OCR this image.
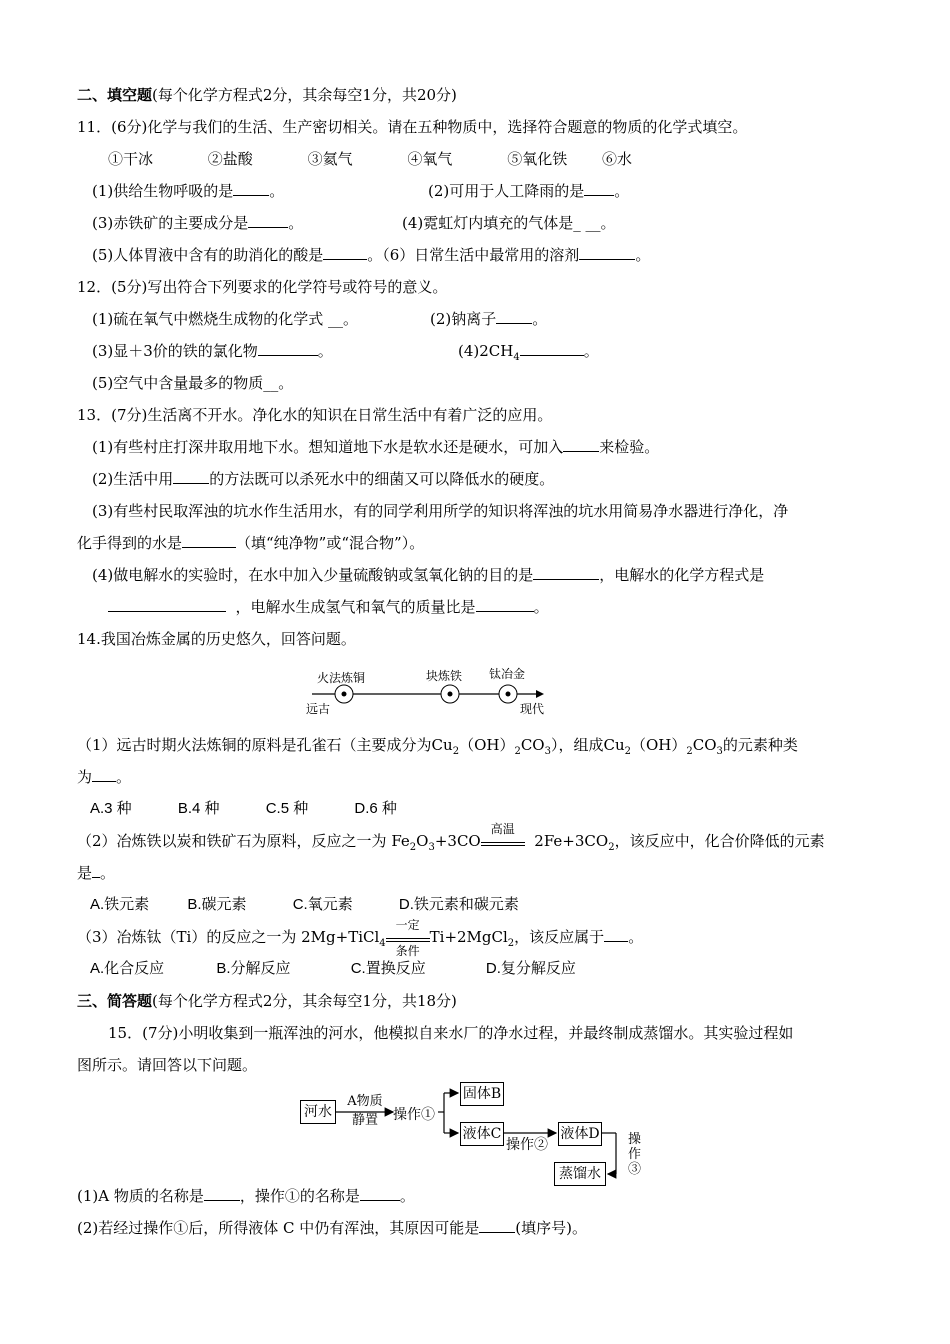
二、填空题(每个化学方程式2分，其余每空1分，共20分)
11．(6分)化学与我们的生活、生产密切相关。请在五种物质中，选择符合题意的物质的化学式填空。
①干冰	②盐酸	③氦气	④氧气	⑤氧化铁 ⑥水
(1)供给生物呼吸的是 。	(2)可用于人工降雨的是 。
(3)赤铁矿的主要成分是	。	(4)霓虹灯内填充的气体是_ __。
(5)人体胃液中含有的助消化的酸是	。（6）日常生活中最常用的溶剂	。
12．(5分)写出符合下列要求的化学符号或符号的意义。
(1)硫在氧气中燃烧生成物的化学式 __。	(2)钠离子 。
(3)显＋3价的铁的氯化物	。	$(4)2CH_4$	。
(5)空气中含量最多的物质__。
13．(7分)生活离不开水。净化水的知识在日常生活中有着广泛的应用。
(1)有些村庄打深井取用地下水。想知道地下水是软水还是硬水，可加入 来检验。
(2)生活中用 的方法既可以杀死水中的细菌又可以降低水的硬度。
(3)有些村民取浑浊的坑水作生活用水，有的同学利用所学的知识将浑浊的坑水用简易净水器进行净化，净
化手得到的水是	（填“纯净物”或“混合物”）。
(4)做电解水的实验时，在水中加入少量硫酸钠或氢氧化钠的目的是	，电解水的化学方程式是
，电解水生成氢气和氧气的质量比是	。
14.我国冶炼金属的历史悠久，回答问题。
火法炼铜	块炼铁 钛冶金
远古	现代
（1）远古时期火法炼铜的原料是孔雀石（主要成分为$Cu_2(OH)_2CO_3$），组成$Cu_2(OH)_2CO_3$的元素种类
为 。
A.3 种	B.4 种	C.5 种	D.6 种
（2）冶炼铁以炭和铁矿石为原料，反应之一为 $Fe_2O_3+3CO$
高温
$2Fe+3CO_2$，该反应中，化合价降低的元素
是 。
A.铁元素	B.碳元素	C.氧元素	D.铁元素和碳元素
（3）冶炼钛（Ti）的反应之一为 2Mg+TiCl$_4$
一定
条件
Ti+2MgCl$_2$，该反应属于 。
A.化合反应	B.分解反应	C.置换反应	D.复分解反应
三、简答题(每个化学方程式2分，其余每空1分，共18分)
15．(7分)小明收集到一瓶浑浊的河水，他模拟自来水厂的净水过程，并最终制成蒸馏水。其实验过程如
图所示。请回答以下问题。
河水
A物质
静置	操作①
固体B
液体C
操作②
液体D 操作③
蒸馏水
(1)A 物质的名称是 ，操作①的名称是	。
(2)若经过操作①后，所得液体 C 中仍有浑浊，其原因可能是 (填序号)。
